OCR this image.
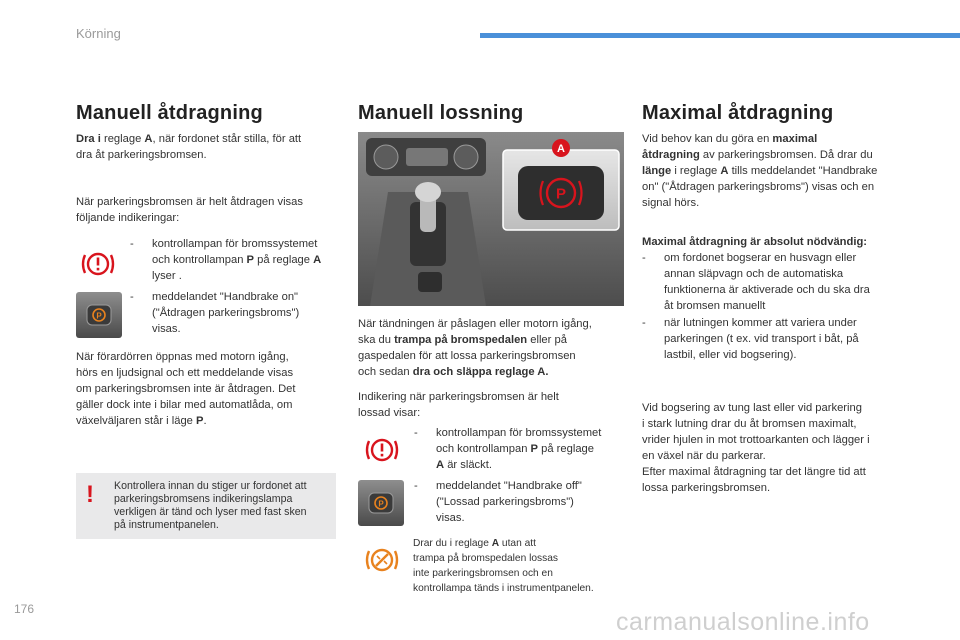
Körning
Manuell åtdragning
Dra i reglage A, när fordonet står stilla, för att
dra åt parkeringsbromsen.
När parkeringsbromsen är helt åtdragen visas
följande indikeringar:
- kontrollampan för bromssystemet
och kontrollampan P på reglage A
lyser .
P
- meddelandet "Handbrake on"
("Åtdragen parkeringsbroms")
visas.
När förardörren öppnas med motorn igång,
hörs en ljudsignal och ett meddelande visas
om parkeringsbromsen inte är åtdragen. Det
gäller dock inte i bilar med automatlåda, om
växelväljaren står i läge P.
! Kontrollera innan du stiger ur fordonet att
parkeringsbromsens indikeringslampa
verkligen är tänd och lyser med fast sken
på instrumentpanelen.
Manuell lossning
P
A
När tändningen är påslagen eller motorn igång,
ska du trampa på bromspedalen eller på
gaspedalen för att lossa parkeringsbromsen
och sedan dra och släppa reglage A.
Indikering när parkeringsbromsen är helt
lossad visar:
- kontrollampan för bromssystemet
och kontrollampan P på reglage
A är släckt.
P
- meddelandet "Handbrake off"
("Lossad parkeringsbroms")
visas.
Drar du i reglage A utan att
trampa på bromspedalen lossas
inte parkeringsbromsen och en
kontrollampa tänds i instrumentpanelen.
Maximal åtdragning
Vid behov kan du göra en maximal
åtdragning av parkeringsbromsen. Då drar du
länge i reglage A tills meddelandet "Handbrake
on" ("Åtdragen parkeringsbroms") visas och en
signal hörs.
Maximal åtdragning är absolut nödvändig:
- om fordonet bogserar en husvagn eller
annan släpvagn och de automatiska
funktionerna är aktiverade och du ska dra
åt bromsen manuellt
- när lutningen kommer att variera under
parkeringen (t ex. vid transport i båt, på
lastbil, eller vid bogsering).
Vid bogsering av tung last eller vid parkering
i stark lutning drar du åt bromsen maximalt,
vrider hjulen in mot trottoarkanten och lägger i
en växel när du parkerar.
Efter maximal åtdragning tar det längre tid att
lossa parkeringsbromsen.
176	carmanualsonline.info
